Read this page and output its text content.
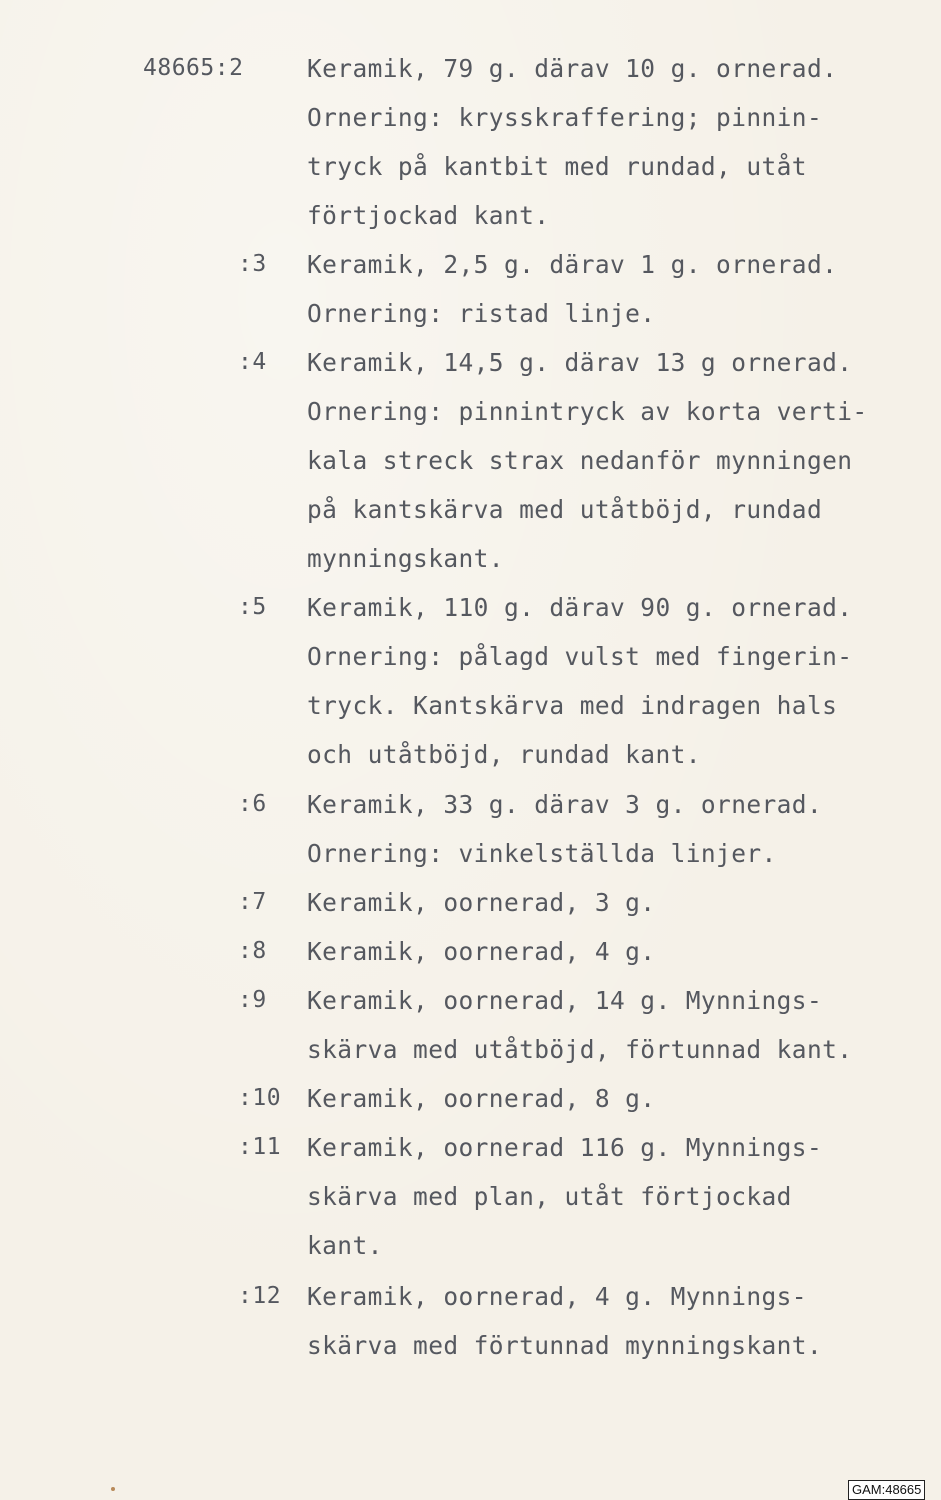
48665:2	Keramik, 79 g. därav 10 g. ornerad.
Ornering: krysskraffering; pinnin-
tryck på kantbit med rundad, utåt
förtjockad kant.
:3	Keramik, 2,5 g. därav 1 g. ornerad.
Ornering: ristad linje.
:4	Keramik, 14,5 g. därav 13 g ornerad.
Ornering: pinnintryck av korta verti-
kala streck strax nedanför mynningen
på kantskärva med utåtböjd, rundad
mynningskant.
:5	Keramik, 110 g. därav 90 g. ornerad.
Ornering: pålagd vulst med fingerin-
tryck. Kantskärva med indragen hals
och utåtböjd, rundad kant.
:6	Keramik, 33 g. därav 3 g. ornerad.
Ornering: vinkelställda linjer.
:7	Keramik, oornerad, 3 g.
:8	Keramik, oornerad, 4 g.
:9	Keramik, oornerad, 14 g. Mynnings-
skärva med utåtböjd, förtunnad kant.
:10	Keramik, oornerad, 8 g.
:11	Keramik, oornerad 116 g. Mynnings-
skärva med plan, utåt förtjockad
kant.
:12	Keramik, oornerad, 4 g. Mynnings-
skärva med förtunnad mynningskant.
GAM:48665
